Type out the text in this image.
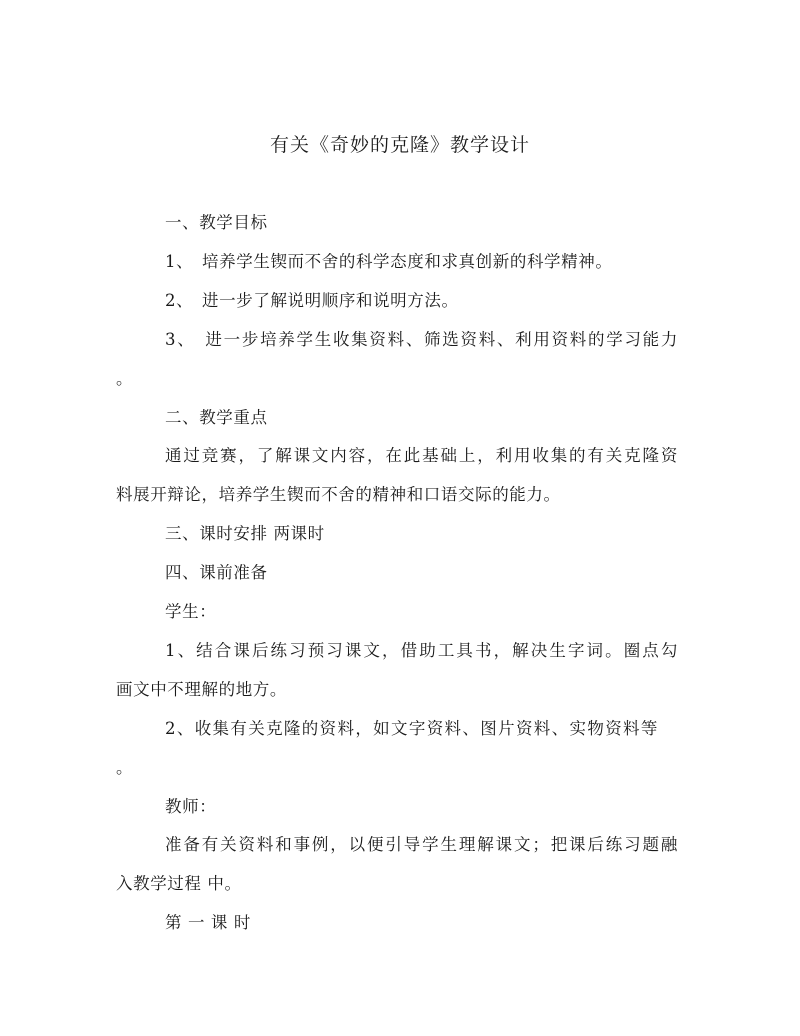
有关《奇妙的克隆》教学设计
一、教学目标
1、　培养学生锲而不舍的科学态度和求真创新的科学精神。
2、　进一步了解说明顺序和说明方法。
3、　进一步培养学生收集资料、筛选资料、利用资料的学习能力
。
二、教学重点
通过竞赛，了解课文内容，在此基础上，利用收集的有关克隆资
料展开辩论，培养学生锲而不舍的精神和口语交际的能力。
三、课时安排 两课时
四、课前准备
学生：
1、结合课后练习预习课文，借助工具书，解决生字词。圈点勾
画文中不理解的地方。
2、收集有关克隆的资料，如文字资料、图片资料、实物资料等
。
教师：
准备有关资料和事例，以便引导学生理解课文；把课后练习题融
入教学过程 中。
第 一 课 时
